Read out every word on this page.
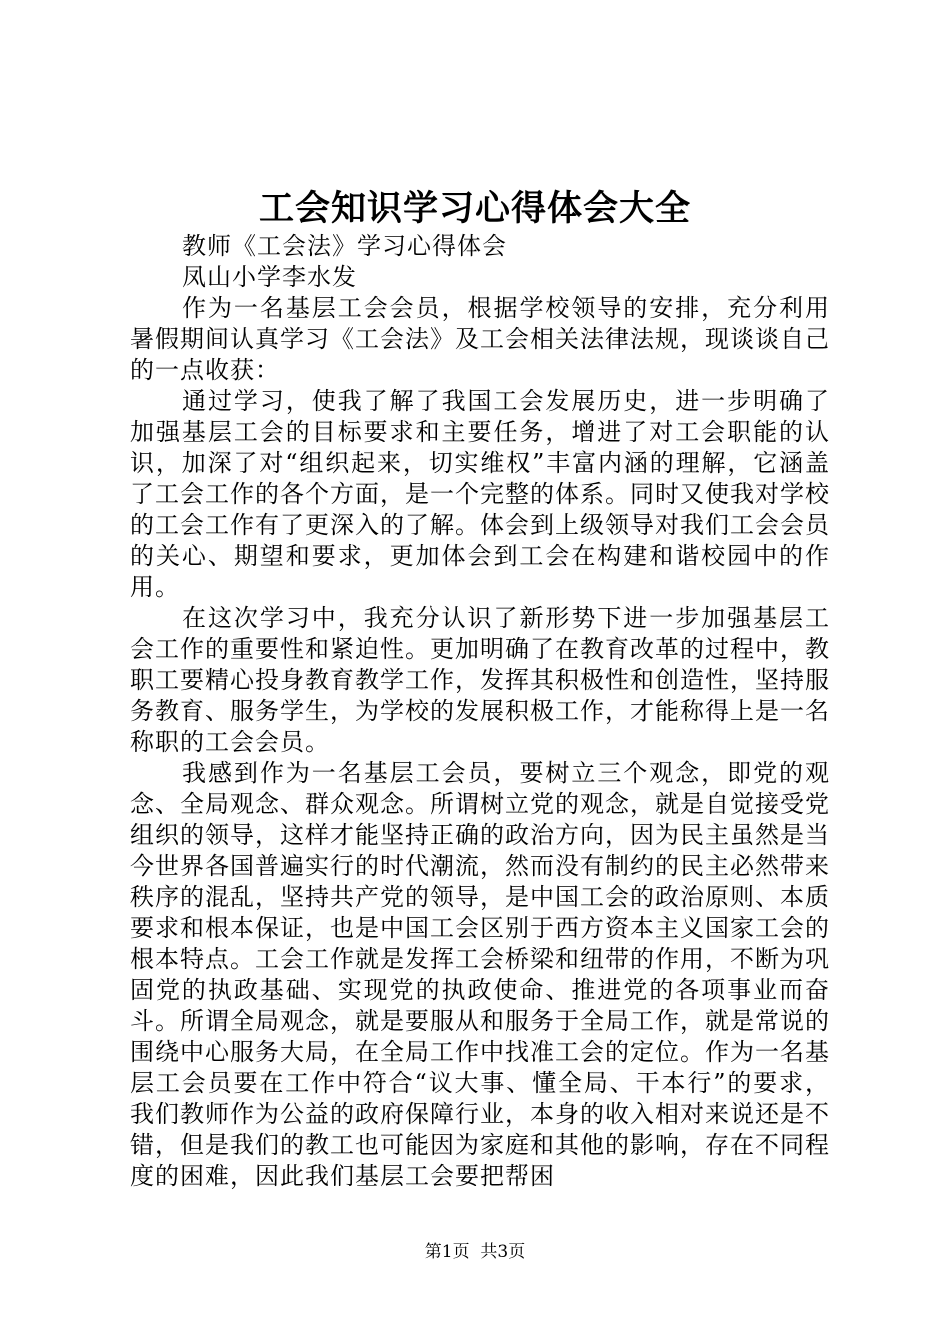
工会知识学习心得体会大全

教师《工会法》学习心得体会

凤山小学李水发

作为一名基层工会会员，根据学校领导的安排，充分利用暑假期间认真学习《工会法》及工会相关法律法规，现谈谈自己的一点收获：

通过学习，使我了解了我国工会发展历史，进一步明确了加强基层工会的目标要求和主要任务，增进了对工会职能的认识，加深了对“组织起来，切实维权”丰富内涵的理解，它涵盖了工会工作的各个方面，是一个完整的体系。同时又使我对学校的工会工作有了更深入的了解。体会到上级领导对我们工会会员的关心、期望和要求，更加体会到工会在构建和谐校园中的作用。

在这次学习中，我充分认识了新形势下进一步加强基层工会工作的重要性和紧迫性。更加明确了在教育改革的过程中，教职工要精心投身教育教学工作，发挥其积极性和创造性，坚持服务教育、服务学生，为学校的发展积极工作，才能称得上是一名称职的工会会员。

我感到作为一名基层工会员，要树立三个观念，即党的观念、全局观念、群众观念。所谓树立党的观念，就是自觉接受党组织的领导，这样才能坚持正确的政治方向，因为民主虽然是当今世界各国普遍实行的时代潮流，然而没有制约的民主必然带来秩序的混乱，坚持共产党的领导，是中国工会的政治原则、本质要求和根本保证，也是中国工会区别于西方资本主义国家工会的根本特点。工会工作就是发挥工会桥梁和纽带的作用，不断为巩固党的执政基础、实现党的执政使命、推进党的各项事业而奋斗。所谓全局观念，就是要服从和服务于全局工作，就是常说的围绕中心服务大局，在全局工作中找准工会的定位。作为一名基层工会员要在工作中符合“议大事、懂全局、干本行”的要求，我们教师作为公益的政府保障行业，本身的收入相对来说还是不错，但是我们的教工也可能因为家庭和其他的影响，存在不同程度的困难，因此我们基层工会要把帮困

第1页 共3页
